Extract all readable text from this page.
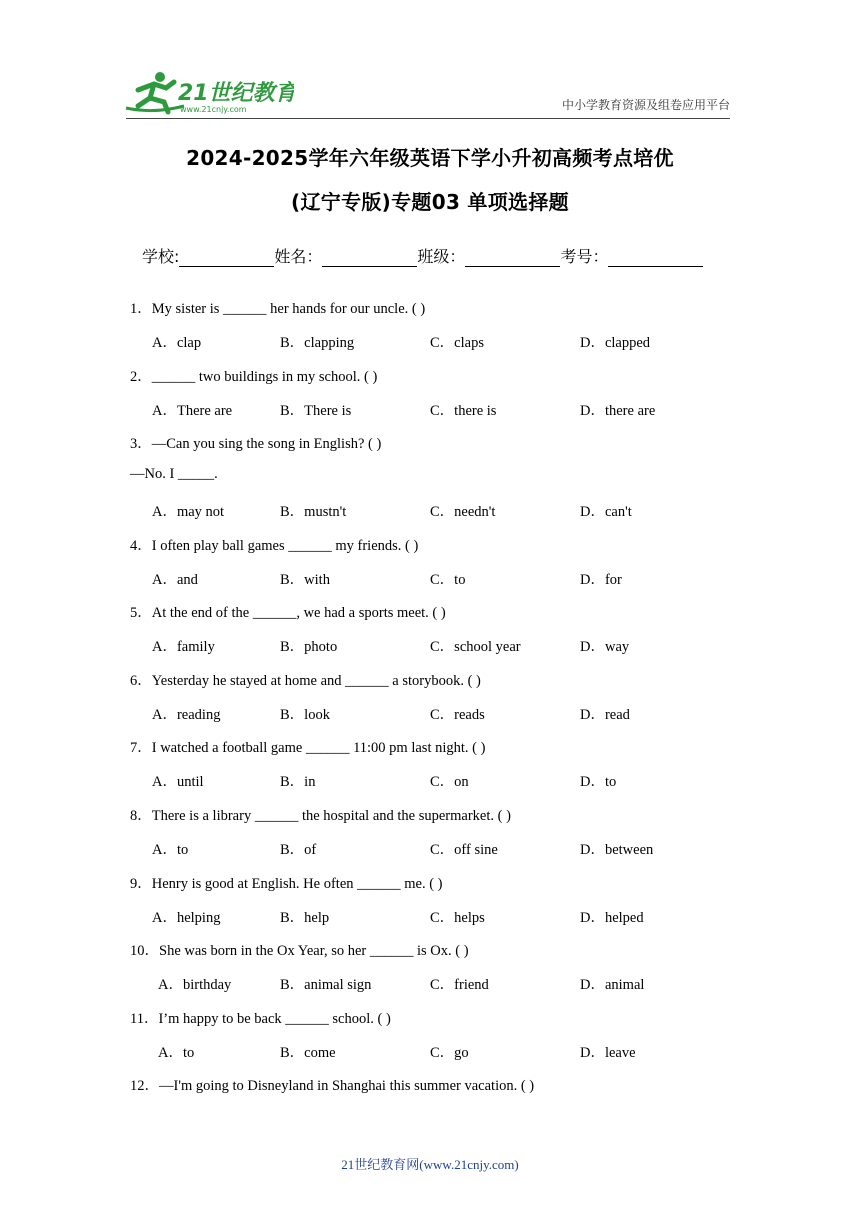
21世纪教育
www.21cnjy.com	中小学教育资源及组卷应用平台
2024-2025学年六年级英语下学小升初高频考点培优
(辽宁专版)专题03 单项选择题
学校:	姓名：	班级：	考号：
1．My sister is ______ her hands for our uncle. ( )
A．clap	B．clapping	C．claps	D．clapped
2．______ two buildings in my school. ( )
A．There are	B．There is	C．there is	D．there are
3．—Can you sing the song in English? ( )
—No. I _____.
A．may not	B．mustn't	C．needn't	D．can't
4．I often play ball games ______ my friends. ( )
A．and	B．with	C．to	D．for
5．At the end of the ______, we had a sports meet. ( )
A．family	B．photo	C．school year	D．way
6．Yesterday he stayed at home and ______ a storybook. ( )
A．reading	B．look	C．reads	D．read
7．I watched a football game ______ 11:00 pm last night. ( )
A．until	B．in	C．on	D．to
8．There is a library ______ the hospital and the supermarket. ( )
A．to	B．of	C．off sine	D．between
9．Henry is good at English. He often ______ me. ( )
A．helping	B．help	C．helps	D．helped
10．She was born in the Ox Year, so her ______ is Ox. ( )
A．birthday	B．animal sign	C．friend	D．animal
11．I’m happy to be back ______ school. ( )
A．to	B．come	C．go	D．leave
12．—I'm going to Disneyland in Shanghai this summer vacation. ( )
21世纪教育网(www.21cnjy.com)
